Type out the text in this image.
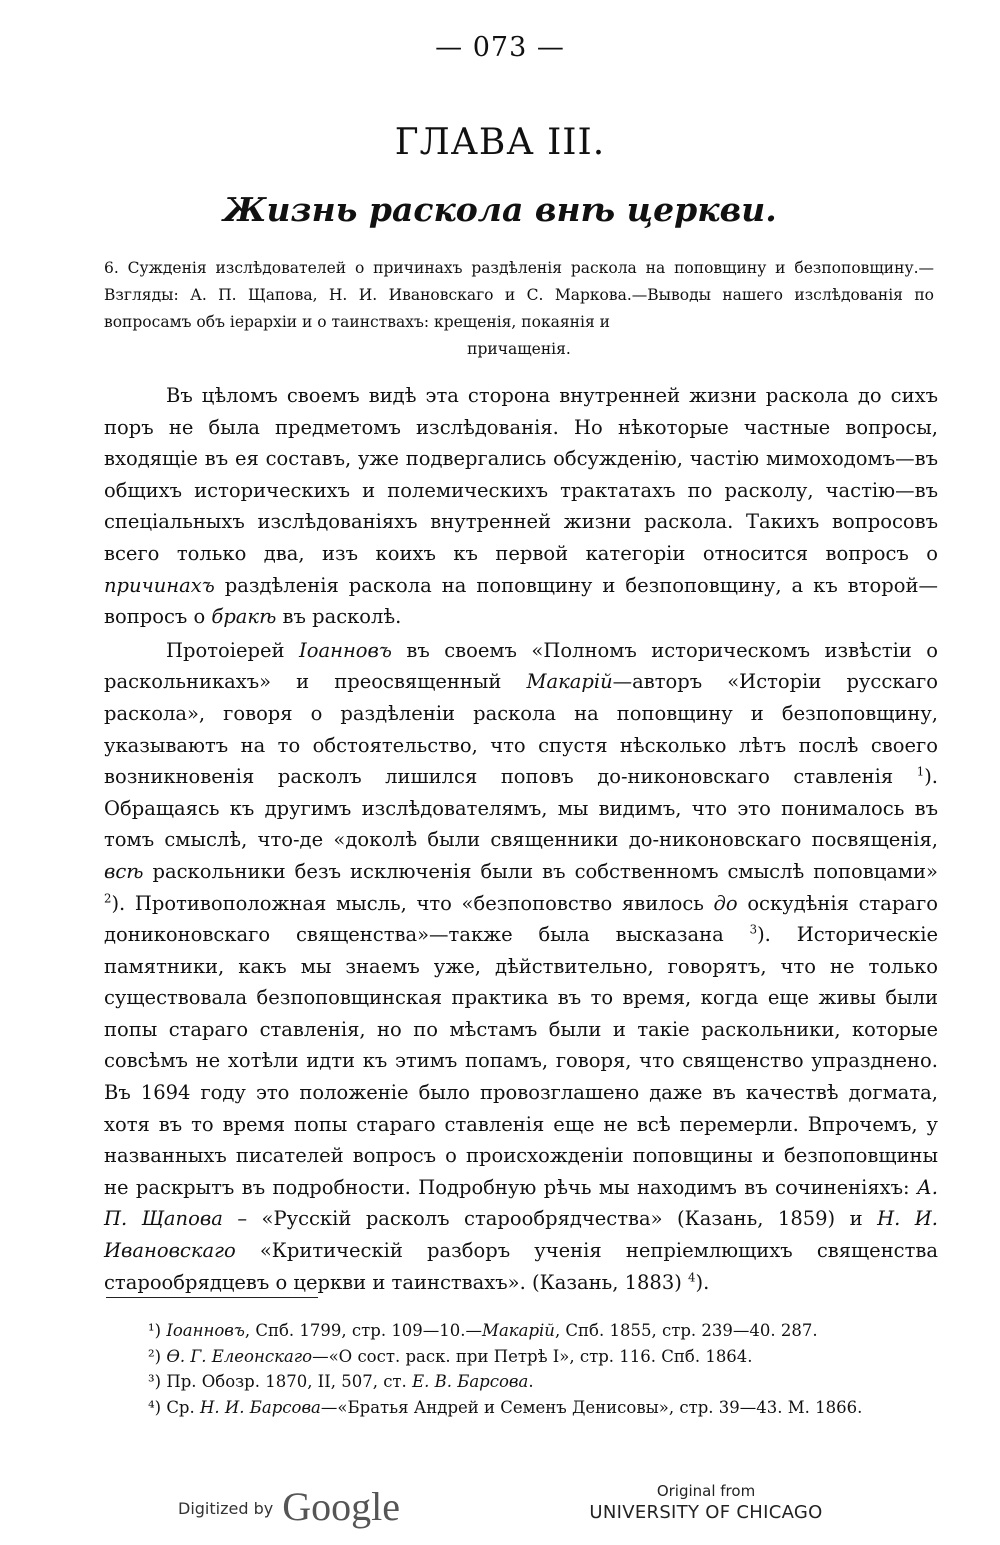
— 073 —
ГЛАВА III.
Жизнь раскола внѣ церкви.
6. Сужденія изслѣдователей о причинахъ раздѣленія раскола на поповщину и безпоповщину.—Взгляды: А. П. Щапова, Н. И. Ивановскаго и С. Маркова.—Выводы нашего изслѣдованія по вопросамъ объ іерархіи и о таинствахъ: крещенія, покаянія и
причащенія.

Въ цѣломъ своемъ видѣ эта сторона внутренней жизни раскола до сихъ поръ не была предметомъ изслѣдованія. Но нѣкоторые частные вопросы, входящіе въ ея составъ, уже подвергались обсужденію, частію мимоходомъ—въ общихъ историческихъ и полемическихъ трактатахъ по расколу, частію—въ спеціальныхъ изслѣдованіяхъ внутренней жизни раскола. Такихъ вопросовъ всего только два, изъ коихъ къ первой категоріи относится вопросъ о причинахъ раздѣленія раскола на поповщину и безпоповщину, а къ второй—вопросъ о бракѣ въ расколѣ.

Протоіерей Іоанновъ въ своемъ «Полномъ историческомъ извѣстіи о раскольникахъ» и преосвященный Макарій—авторъ «Исторіи русскаго раскола», говоря о раздѣленіи раскола на поповщину и безпоповщину, указываютъ на то обстоятельство, что спустя нѣсколько лѣтъ послѣ своего возникновенія расколъ лишился поповъ до-никоновскаго ставленія $^1$). Обращаясь къ другимъ изслѣдователямъ, мы видимъ, что это понималось въ томъ смыслѣ, что-де «доколѣ были священники до-никоновскаго посвященія, всѣ раскольники безъ исключенія были въ собственномъ смыслѣ поповцами» $^2$). Противоположная мысль, что «безпоповство явилось до оскудѣнія стараго дониконовскаго священства»—также была высказана $^3$). Историческіе памятники, какъ мы знаемъ уже, дѣйствительно, говорятъ, что не только существовала безпоповщинская практика въ то время, когда еще живы были попы стараго ставленія, но по мѣстамъ были и такіе раскольники, которые совсѣмъ не хотѣли идти къ этимъ попамъ, говоря, что священство упразднено. Въ 1694 году это положеніе было провозглашено даже въ качествѣ догмата, хотя въ то время попы стараго ставленія еще не всѣ перемерли. Впрочемъ, у названныхъ писателей вопросъ о происхожденіи поповщины и безпоповщины не раскрытъ въ подробности. Подробную рѣчь мы находимъ въ сочиненіяхъ: А. П. Щапова – «Русскій расколъ старообрядчества» (Казань, 1859) и Н. И. Ивановскаго «Критическій разборъ ученія непріемлющихъ священства старообрядцевъ о церкви и таинствахъ». (Казань, 1883) $^4$).

¹) Іоанновъ, Спб. 1799, стр. 109—10.—Макарій, Спб. 1855, стр. 239—40. 287.
²) Ѳ. Г. Елеонскаго—«О сост. раск. при Петрѣ I», стр. 116. Спб. 1864.
³) Пр. Обозр. 1870, II, 507, ст. Е. В. Барсова.
⁴) Ср. Н. И. Барсова—«Братья Андрей и Семенъ Денисовы», стр. 39—43. М. 1866.
Digitized by Google	Original from
UNIVERSITY OF CHICAGO
